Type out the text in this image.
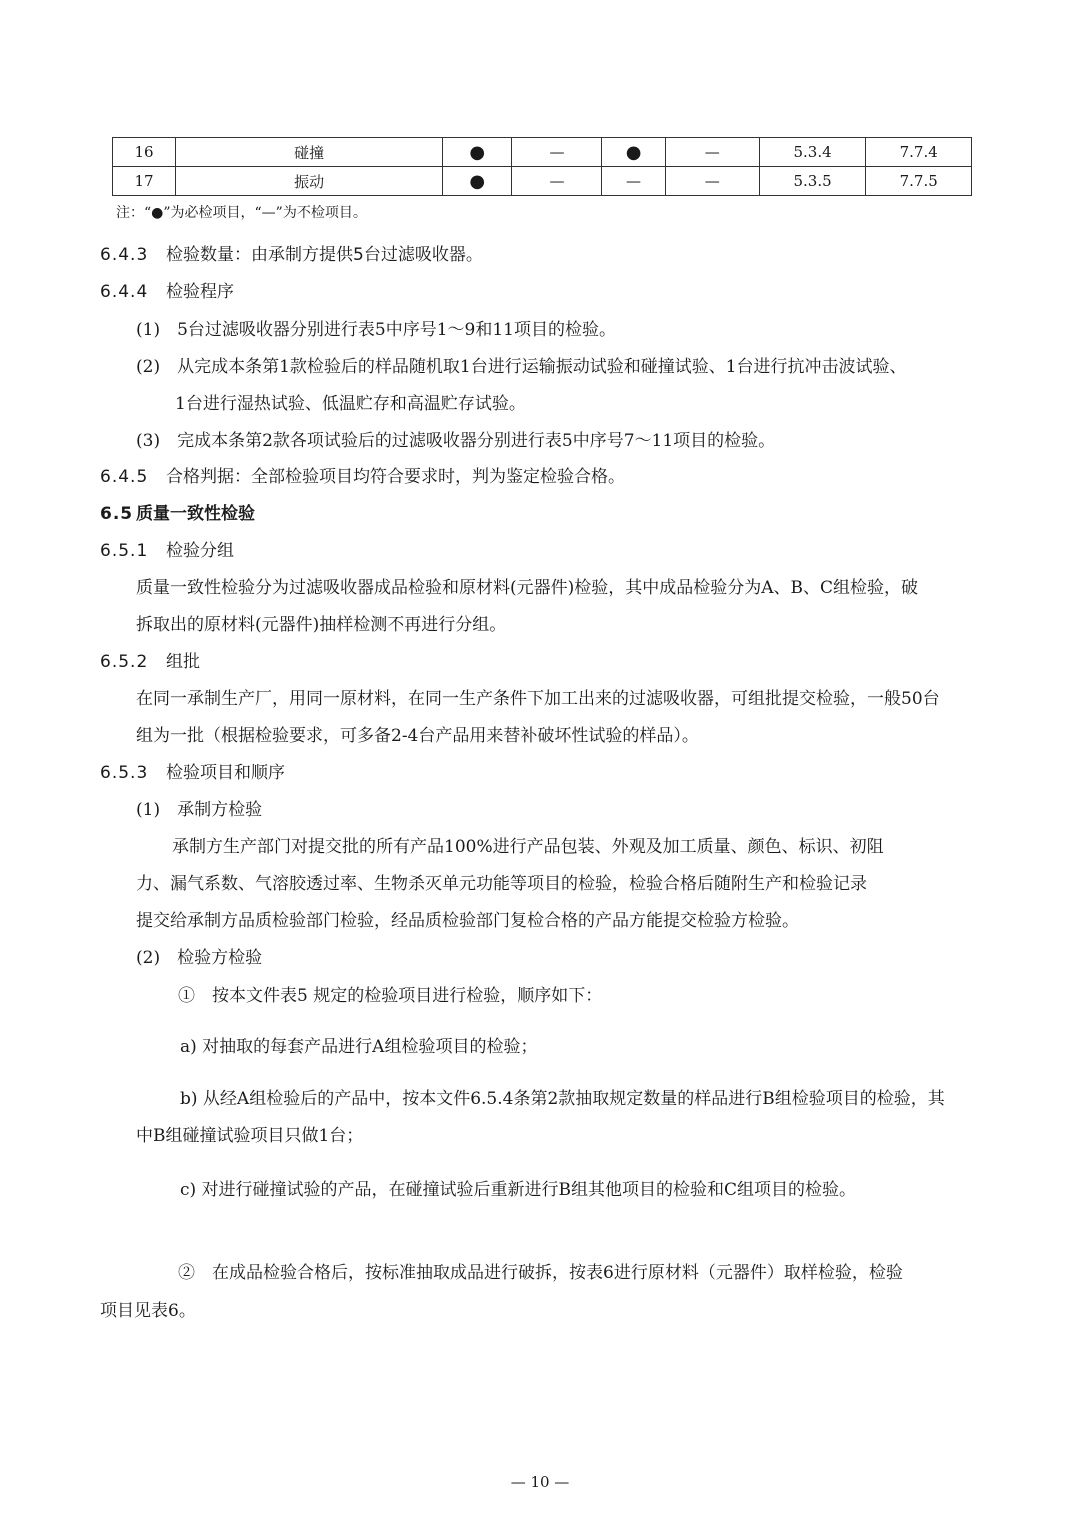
16	碰撞	●	—	●	—	5.3.4	7.7.4
17	振动	●	—	—	—	5.3.5	7.7.5
注：“●”为必检项目，“—”为不检项目。
6.4.3 检验数量：由承制方提供5台过滤吸收器。
6.4.4 检验程序
(1)　5台过滤吸收器分别进行表5中序号1～9和11项目的检验。
(2)　从完成本条第1款检验后的样品随机取1台进行运输振动试验和碰撞试验、1台进行抗冲击波试验、
1台进行湿热试验、低温贮存和高温贮存试验。
(3)　完成本条第2款各项试验后的过滤吸收器分别进行表5中序号7～11项目的检验。
6.4.5 合格判据：全部检验项目均符合要求时，判为鉴定检验合格。
6.5 质量一致性检验
6.5.1 检验分组
质量一致性检验分为过滤吸收器成品检验和原材料(元器件)检验，其中成品检验分为A、B、C组检验，破
拆取出的原材料(元器件)抽样检测不再进行分组。
6.5.2 组批
在同一承制生产厂，用同一原材料，在同一生产条件下加工出来的过滤吸收器，可组批提交检验，一般50台
组为一批（根据检验要求，可多备2-4台产品用来替补破坏性试验的样品）。
6.5.3 检验项目和顺序
(1)　承制方检验
承制方生产部门对提交批的所有产品100%进行产品包装、外观及加工质量、颜色、标识、初阻
力、漏气系数、气溶胶透过率、生物杀灭单元功能等项目的检验，检验合格后随附生产和检验记录
提交给承制方品质检验部门检验，经品质检验部门复检合格的产品方能提交检验方检验。
(2)　检验方检验
①　按本文件表5 规定的检验项目进行检验，顺序如下：
a) 对抽取的每套产品进行A组检验项目的检验；
b) 从经A组检验后的产品中，按本文件6.5.4条第2款抽取规定数量的样品进行B组检验项目的检验，其
中B组碰撞试验项目只做1台；
c) 对进行碰撞试验的产品，在碰撞试验后重新进行B组其他项目的检验和C组项目的检验。
②　在成品检验合格后，按标准抽取成品进行破拆，按表6进行原材料（元器件）取样检验，检验
项目见表6。
— 10 —
